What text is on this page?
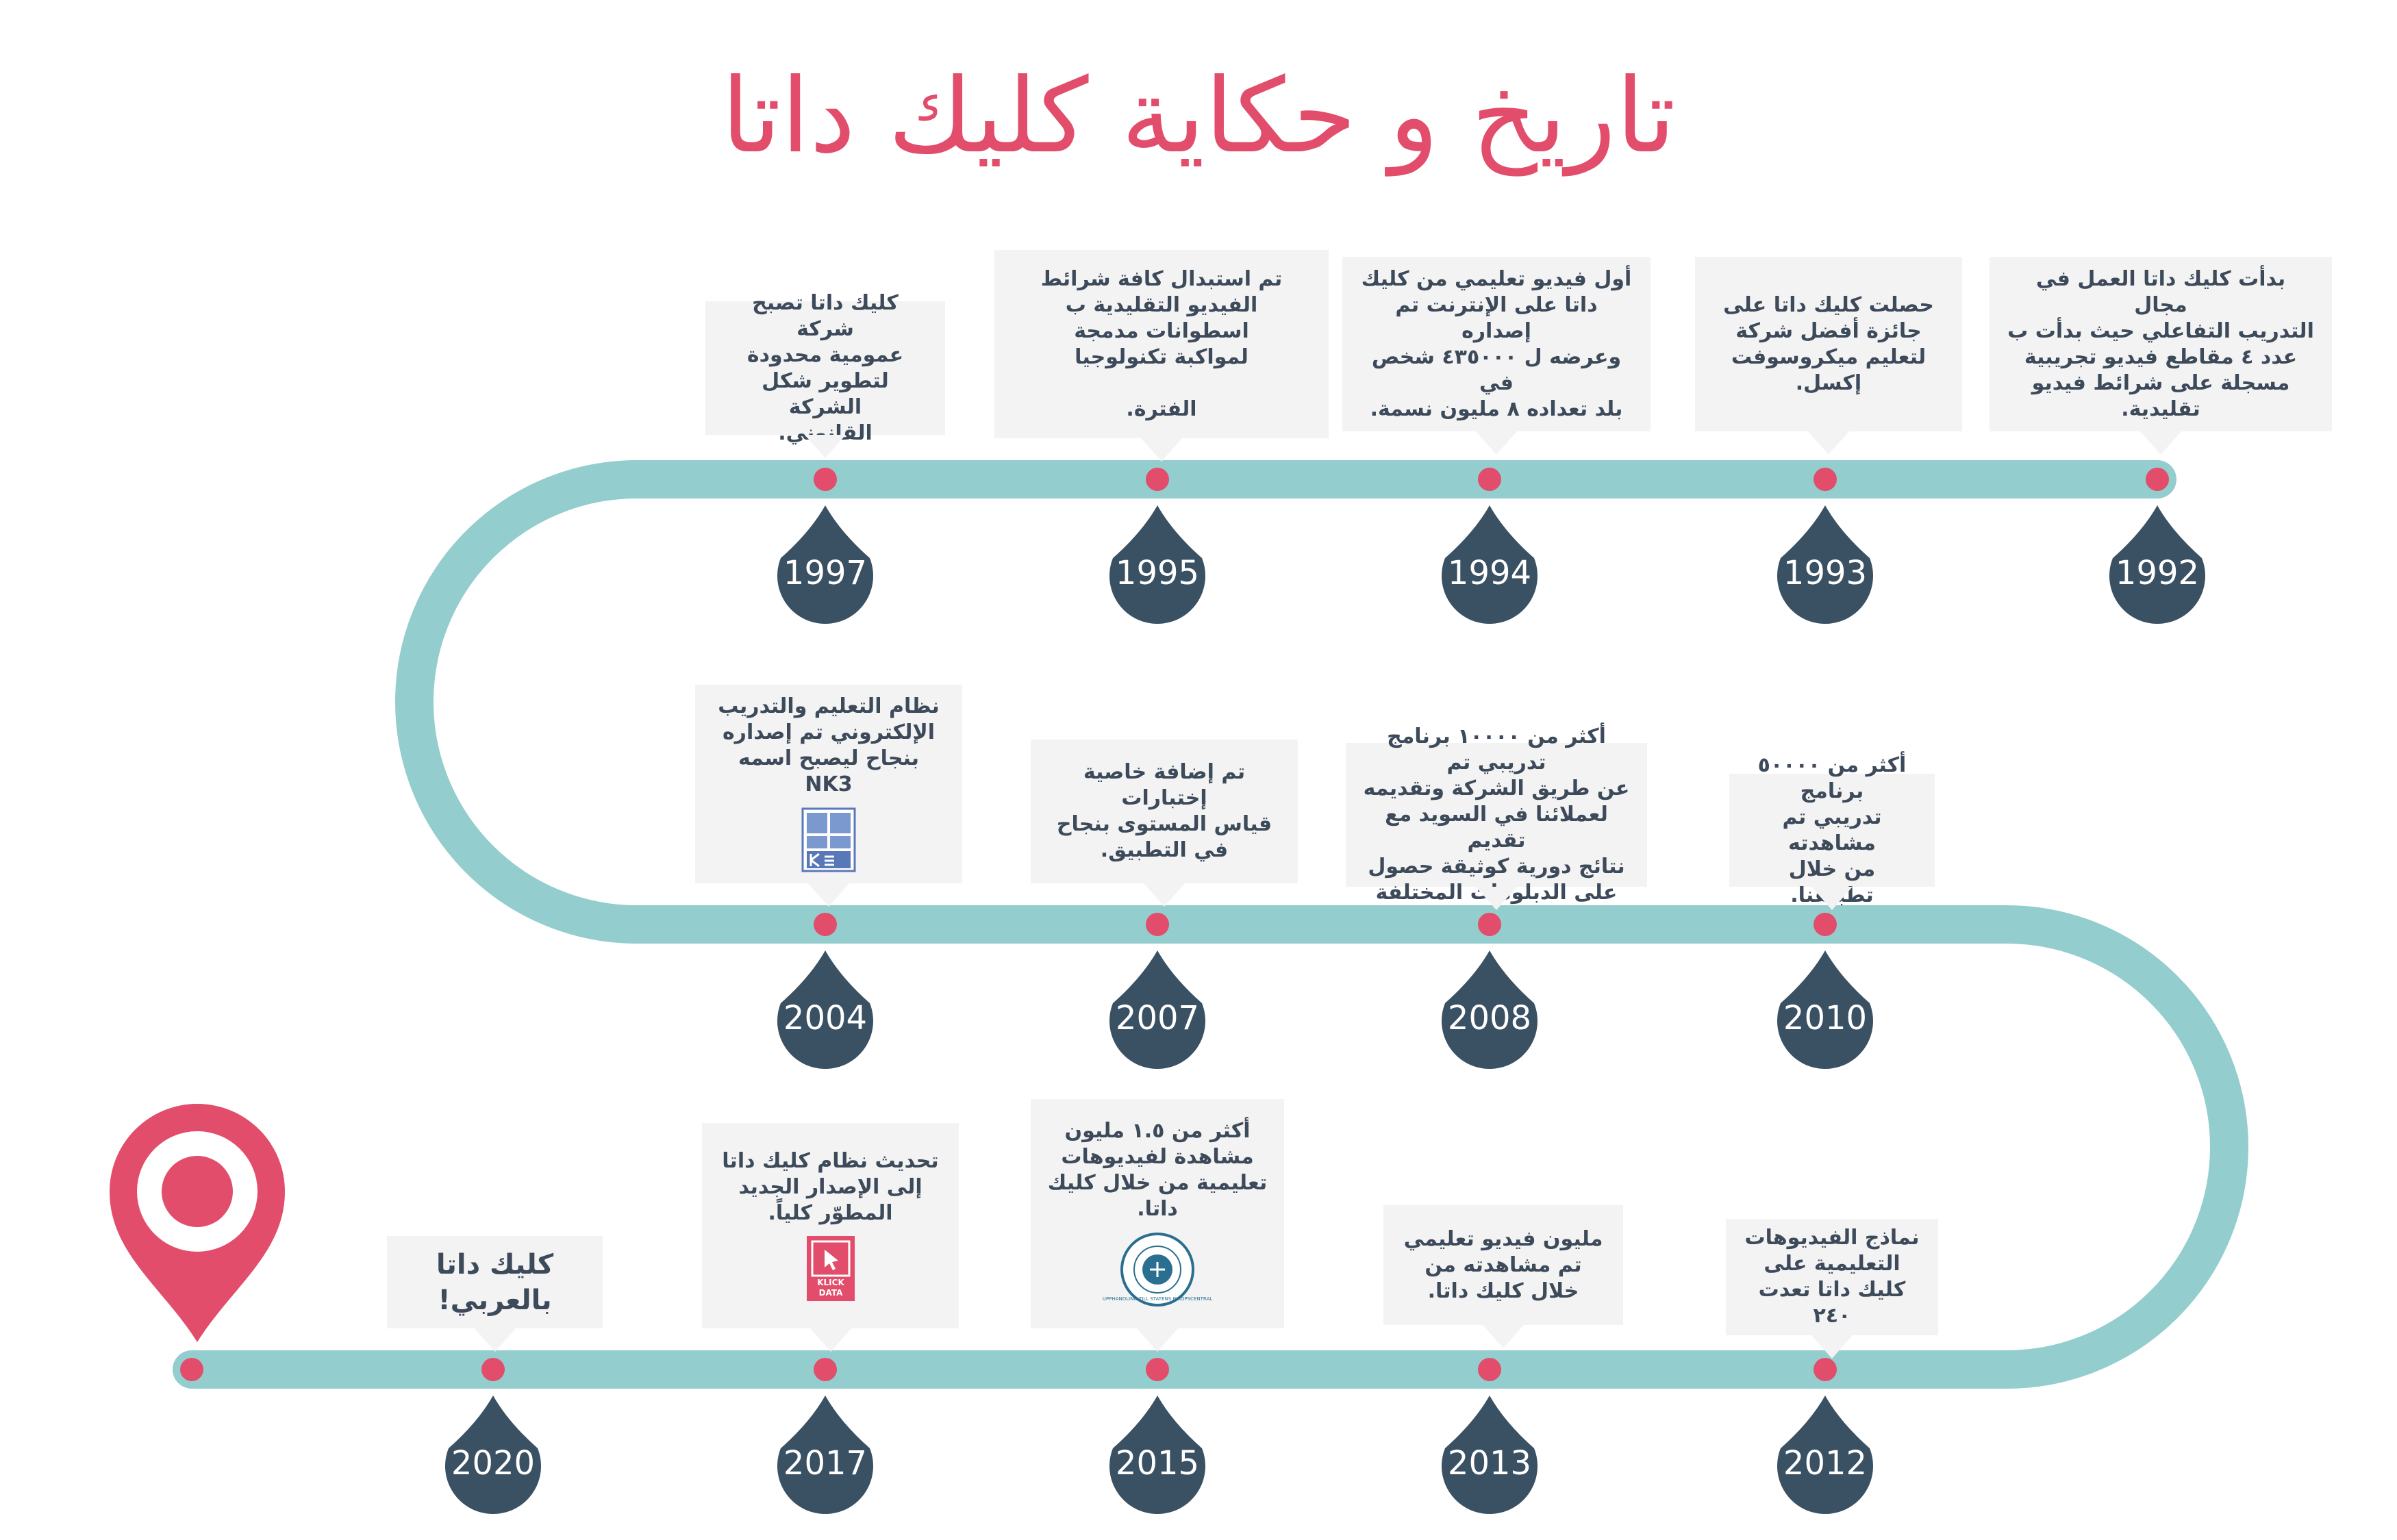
1992
1993
1994
1995
1997
2010
2008
2007
2004
2012
2013
2015
2017
2020
تاريخ و حكاية كليك داتا
بدأت كليك داتا العمل في مجال
التدريب التفاعلي حيث بدأت ب
عدد ٤ مقاطع فيديو تجريبية
مسجلة على شرائط فيديو
تقليدية.
حصلت كليك داتا على
جائزة أفضل شركة
لتعليم ميكروسوفت
إكسل.
أول فيديو تعليمي من كليك
داتا على الإنترنت تم إصداره
وعرضه ل ٤٣٥٠٠٠ شخص في
بلد تعداده ٨ مليون نسمة.
تم استبدال كافة شرائط
الفيديو التقليدية ب
اسطوانات مدمجة
لمواكبة تكنولوجيا

الفترة.
كليك داتا تصبح شركة
عمومية محدودة
لتطوير شكل الشركة
القانوني.
أكثر من ٥٠٠٠٠ برنامج
تدريبي تم مشاهدته
من خلال تطبيقنا.
أكثر من ١٠٠٠٠ برنامج تدريبي تم
عن طريق الشركة وتقديمه
لعملائنا في السويد مع تقديم
نتائج دورية كوثيقة حصول
على الدبلومات المختلفة
تم إضافة خاصية إختبارات
قياس المستوى بنجاح
في التطبيق.
نظام التعليم والتدريب
الإلكتروني تم إصداره
بنجاح ليصبح اسمه NK3
نماذج الفيديوهات
التعليمية على
كليك داتا تعدت ٢٤٠
مليون فيديو تعليمي
تم مشاهدته من
خلال كليك داتا.
أكثر من ١.٥ مليون
مشاهدة لفيديوهات
تعليمية من خلال كليك
داتا.
UPPHANDLING TILL STATENS INKÖPSCENTRAL
تحديث نظام كليك داتا
إلى الإصدار الجديد
المطوّر كلياً.
KLICK
DATA
كليك داتا
بالعربي!
